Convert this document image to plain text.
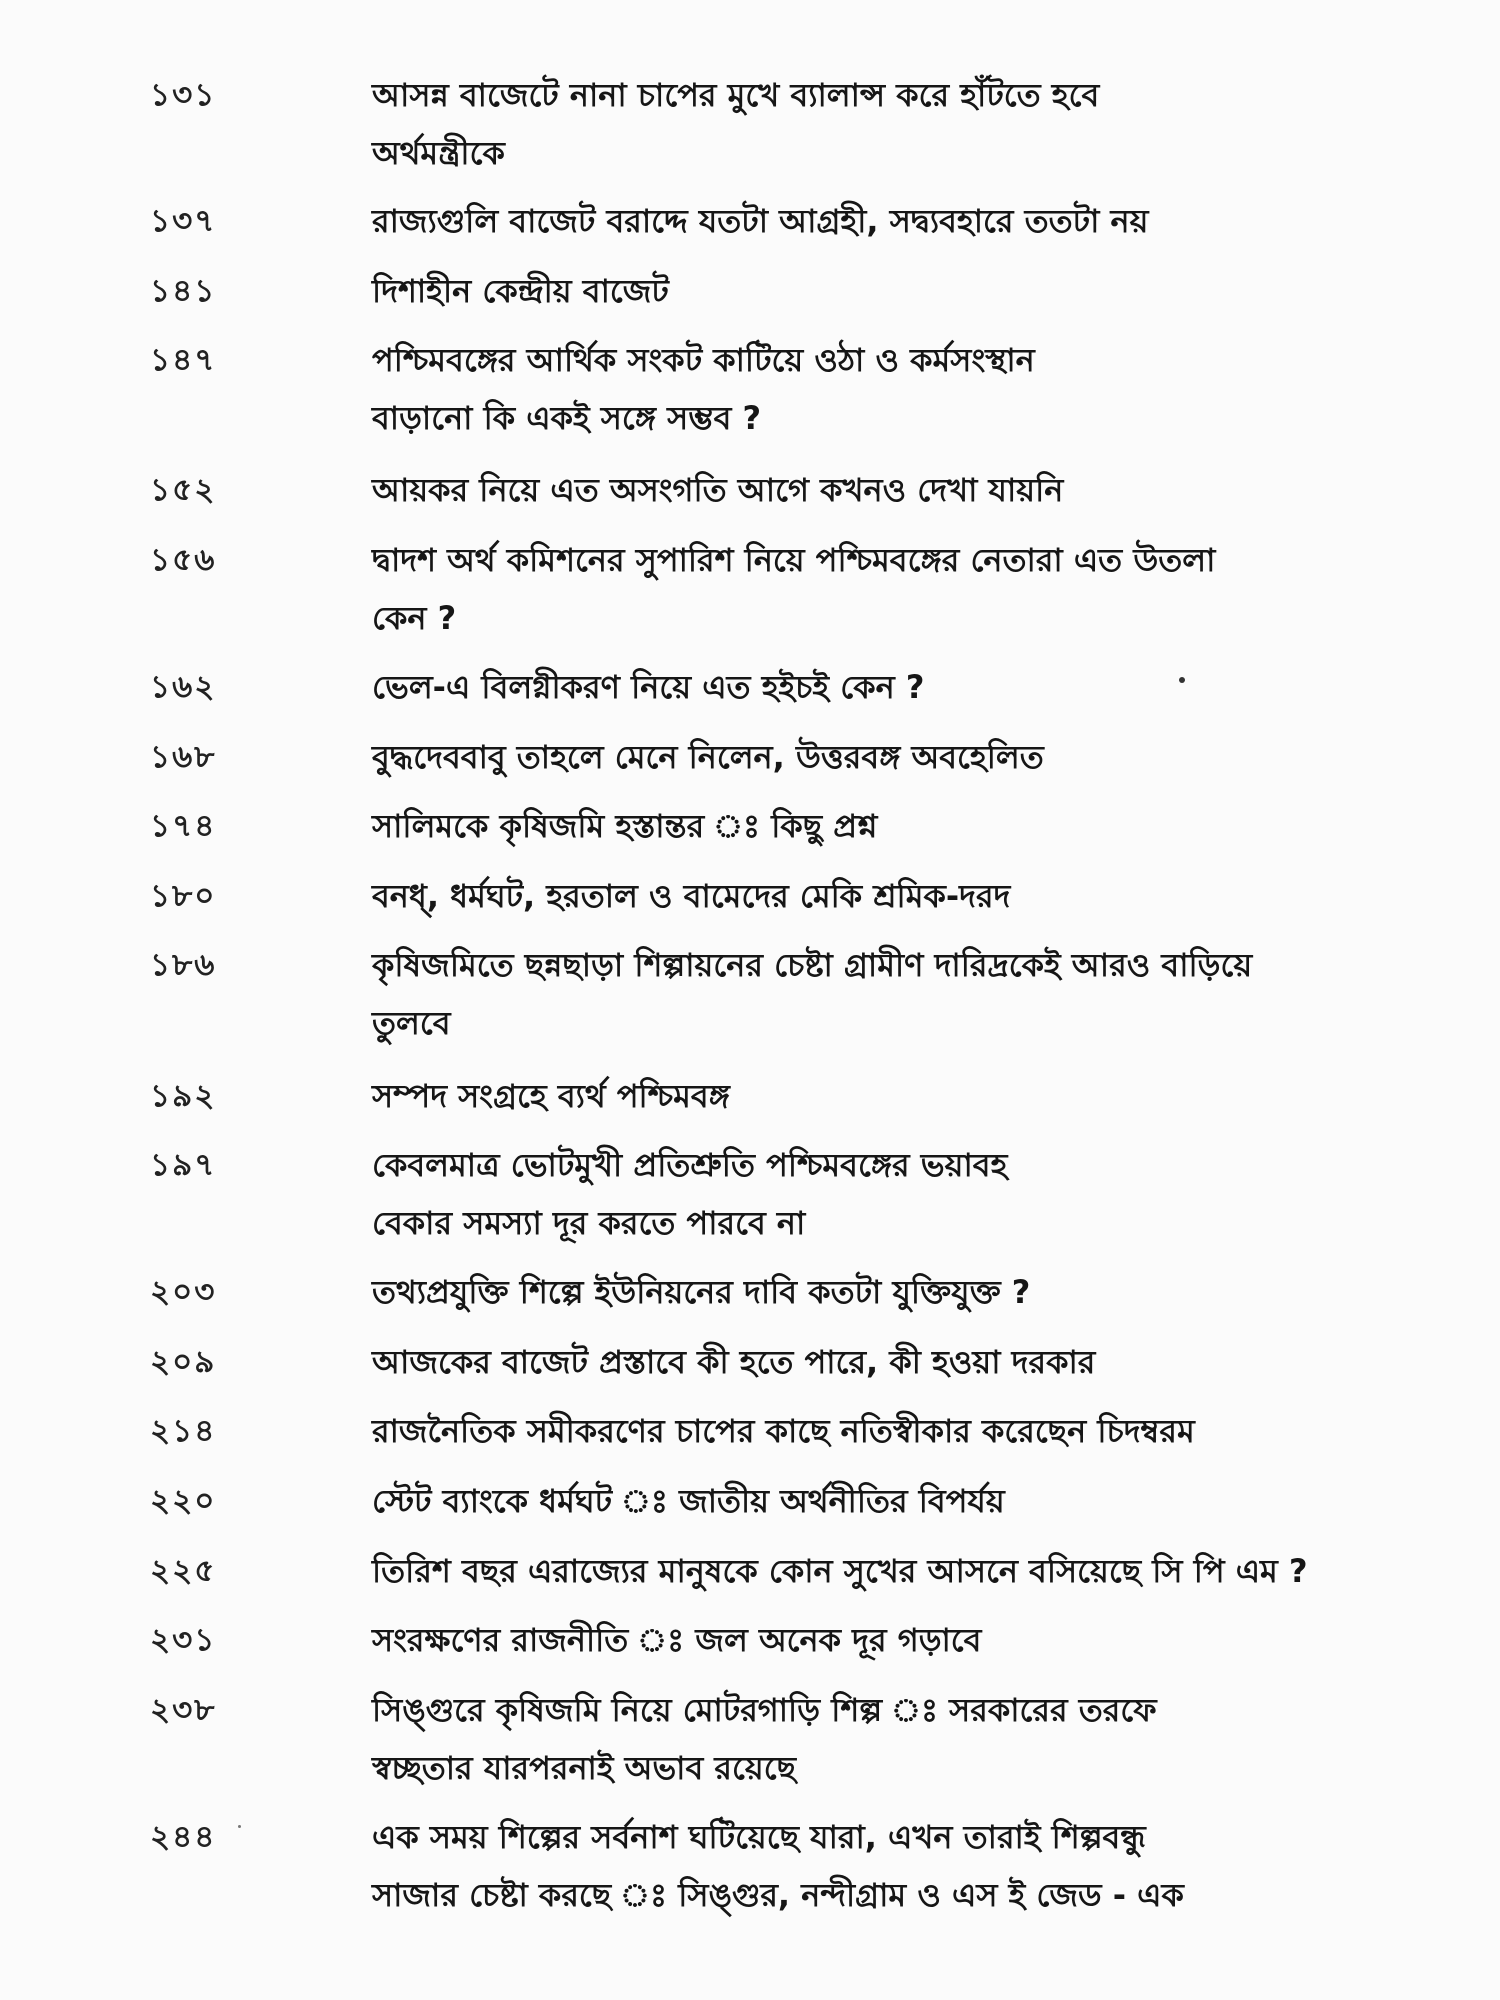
১৩১	আসন্ন বাজেটে নানা চাপের মুখে ব্যালান্স করে হাঁটতে হবে
অর্থমন্ত্রীকে
১৩৭	রাজ্যগুলি বাজেট বরাদ্দে যতটা আগ্রহী, সদ্ব্যবহারে ততটা নয়
১৪১	দিশাহীন কেন্দ্রীয় বাজেট
১৪৭	পশ্চিমবঙ্গের আর্থিক সংকট কাটিয়ে ওঠা ও কর্মসংস্থান
বাড়ানো কি একই সঙ্গে সম্ভব ?
১৫২	আয়কর নিয়ে এত অসংগতি আগে কখনও দেখা যায়নি
১৫৬	দ্বাদশ অর্থ কমিশনের সুপারিশ নিয়ে পশ্চিমবঙ্গের নেতারা এত উতলা
কেন ?
১৬২	ভেল-এ বিলগ্নীকরণ নিয়ে এত হইচই কেন ?
১৬৮	বুদ্ধদেববাবু তাহলে মেনে নিলেন, উত্তরবঙ্গ অবহেলিত
১৭৪	সালিমকে কৃষিজমি হস্তান্তর ঃ কিছু প্রশ্ন
১৮০	বনধ্, ধর্মঘট, হরতাল ও বামেদের মেকি শ্রমিক-দরদ
১৮৬	কৃষিজমিতে ছন্নছাড়া শিল্পায়নের চেষ্টা গ্রামীণ দারিদ্রকেই আরও বাড়িয়ে
তুলবে
১৯২	সম্পদ সংগ্রহে ব্যর্থ পশ্চিমবঙ্গ
১৯৭	কেবলমাত্র ভোটমুখী প্রতিশ্রুতি পশ্চিমবঙ্গের ভয়াবহ
বেকার সমস্যা দূর করতে পারবে না
২০৩	তথ্যপ্রযুক্তি শিল্পে ইউনিয়নের দাবি কতটা যুক্তিযুক্ত ?
২০৯	আজকের বাজেট প্রস্তাবে কী হতে পারে, কী হওয়া দরকার
২১৪	রাজনৈতিক সমীকরণের চাপের কাছে নতিস্বীকার করেছেন চিদম্বরম
২২০	স্টেট ব্যাংকে ধর্মঘট ঃ জাতীয় অর্থনীতির বিপর্যয়
২২৫	তিরিশ বছর এরাজ্যের মানুষকে কোন সুখের আসনে বসিয়েছে সি পি এম ?
২৩১	সংরক্ষণের রাজনীতি ঃ জল অনেক দূর গড়াবে
২৩৮	সিঙ্গুরে কৃষিজমি নিয়ে মোটরগাড়ি শিল্প ঃ সরকারের তরফে
স্বচ্ছতার যারপরনাই অভাব রয়েছে
২৪৪	এক সময় শিল্পের সর্বনাশ ঘটিয়েছে যারা, এখন তারাই শিল্পবন্ধু
সাজার চেষ্টা করছে ঃ সিঙ্গুর, নন্দীগ্রাম ও এস ই জেড - এক
